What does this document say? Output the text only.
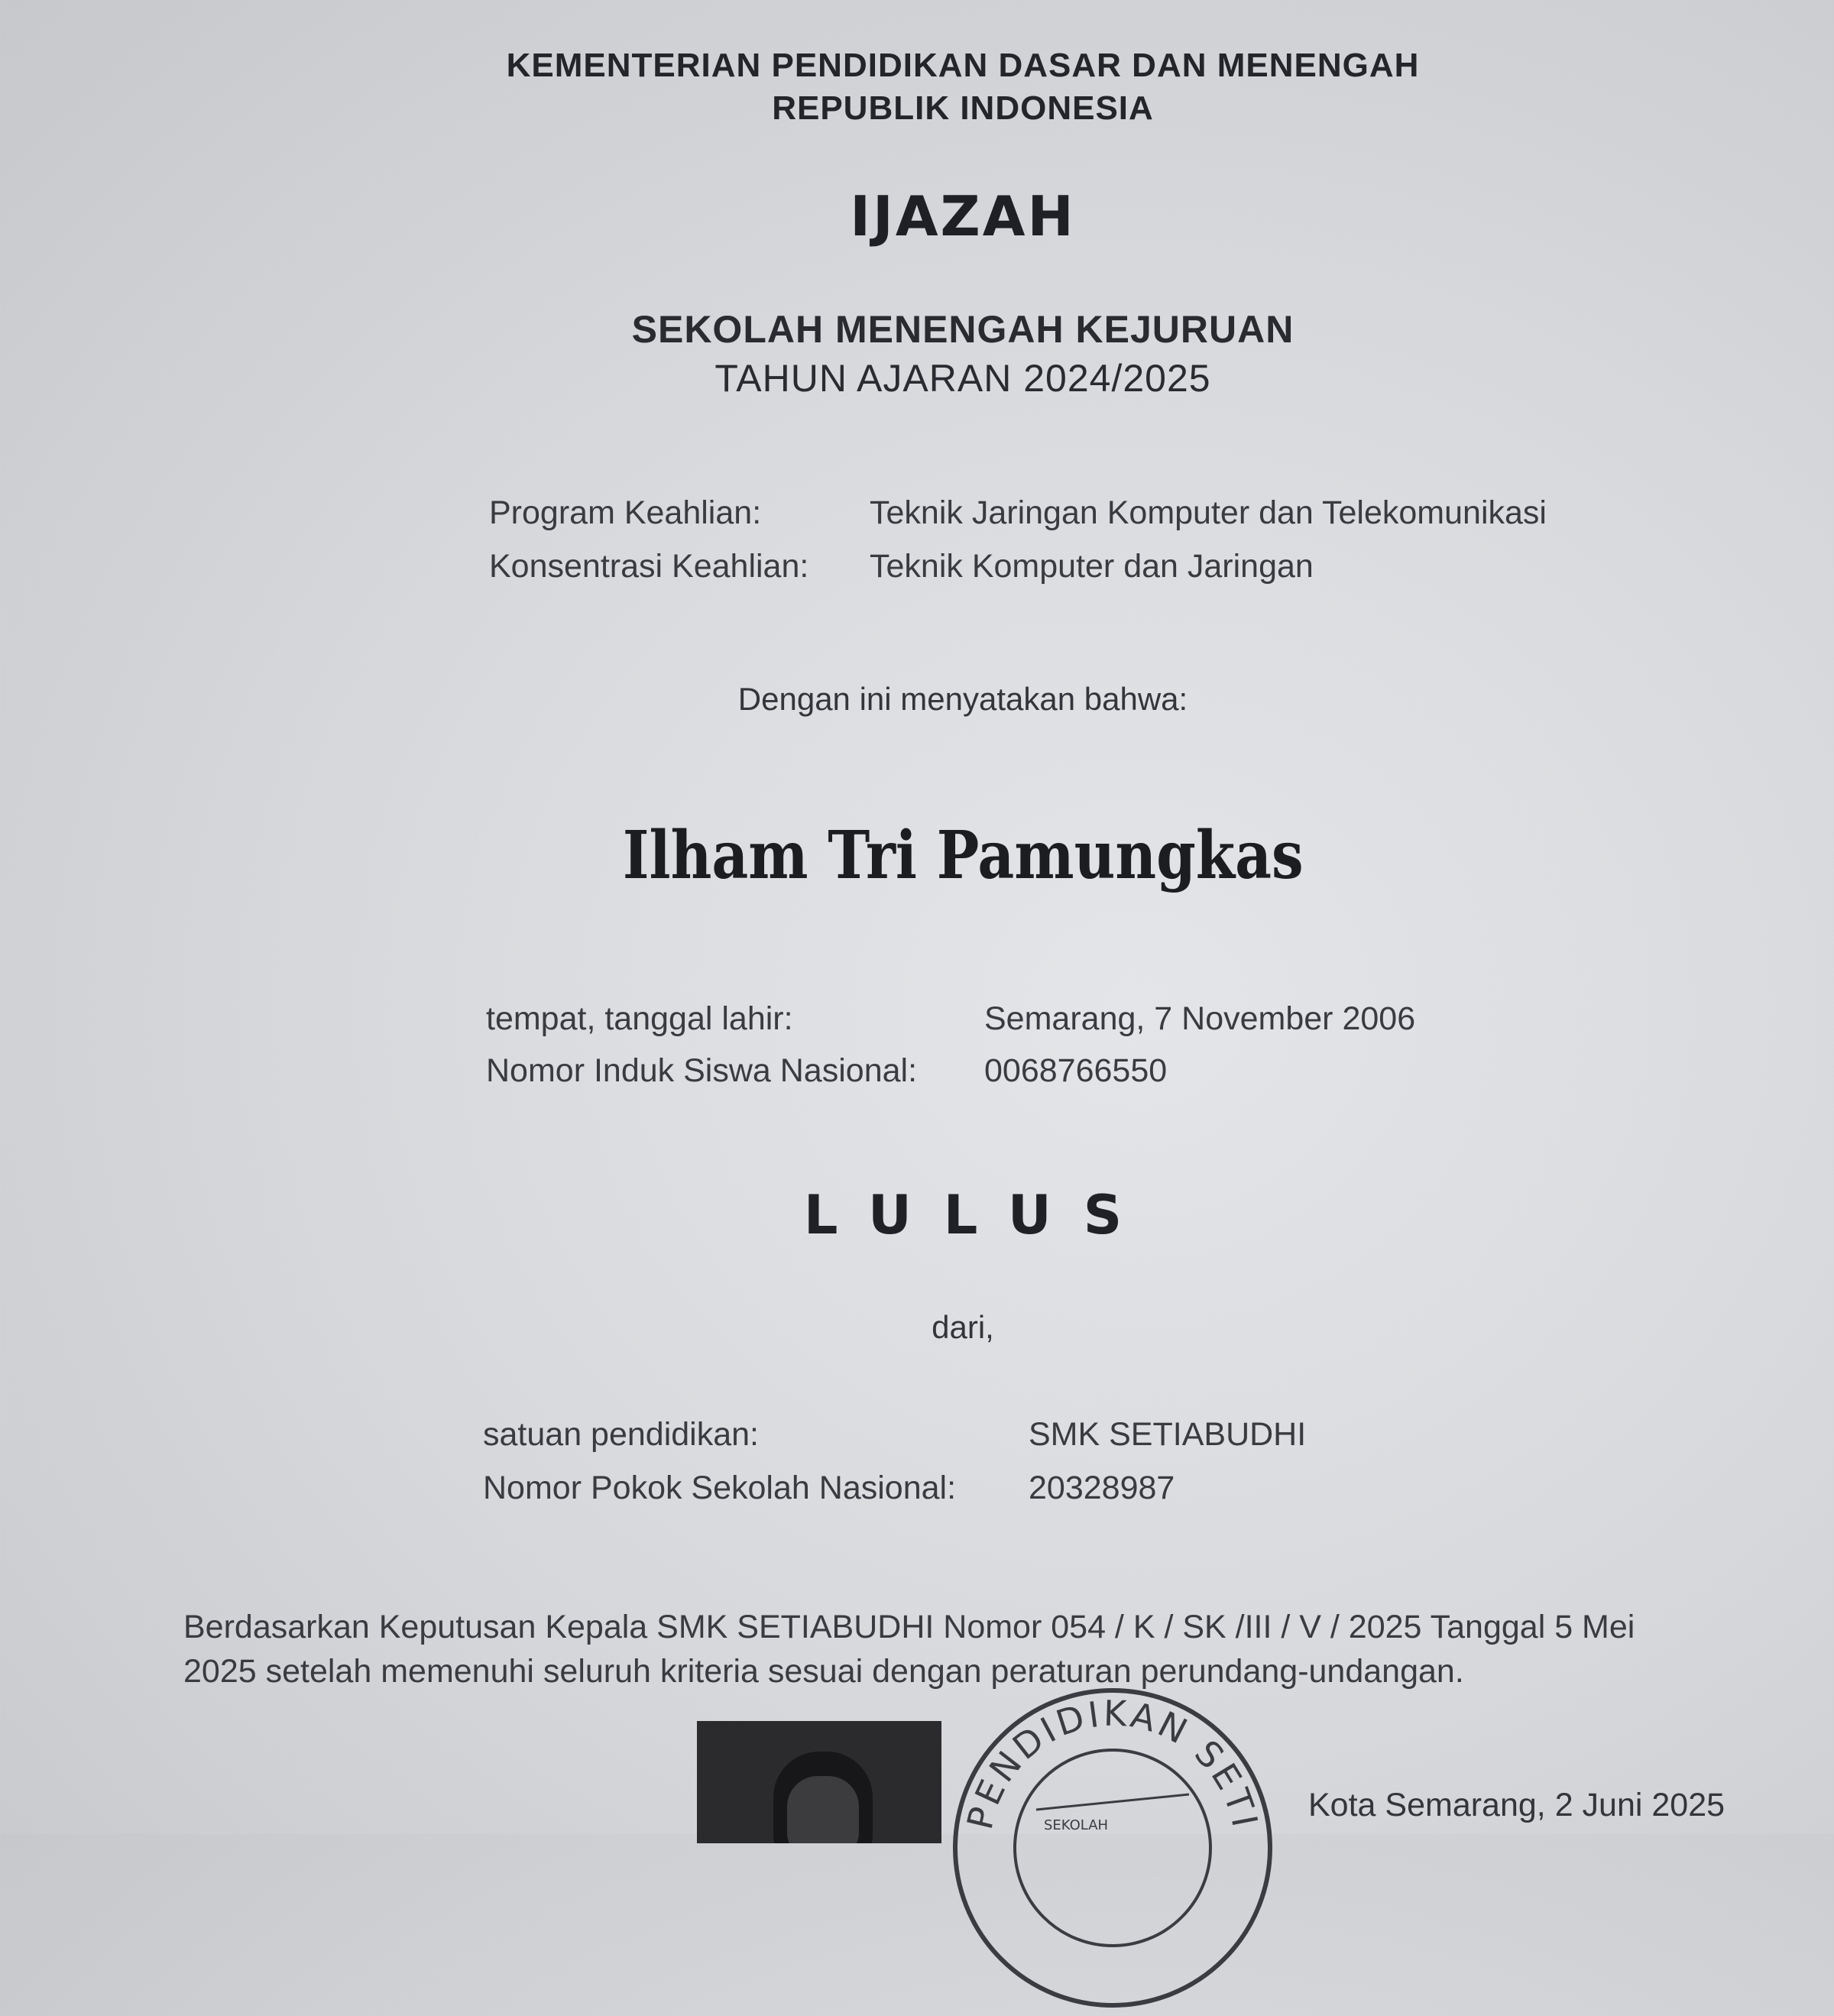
KEMENTERIAN PENDIDIKAN DASAR DAN MENENGAH
REPUBLIK INDONESIA
IJAZAH
SEKOLAH MENENGAH KEJURUAN
TAHUN AJARAN 2024/2025
Program Keahlian:	Teknik Jaringan Komputer dan Telekomunikasi
Konsentrasi Keahlian: Teknik Komputer dan Jaringan
Dengan ini menyatakan bahwa:
Ilham Tri Pamungkas
tempat, tanggal lahir:	Semarang, 7 November 2006
Nomor Induk Siswa Nasional: 0068766550
LULUS
dari,
satuan pendidikan:	SMK SETIABUDHI
Nomor Pokok Sekolah Nasional: 20328987
Berdasarkan Keputusan Kepala SMK SETIABUDHI Nomor 054 / K / SK /III / V / 2025 Tanggal 5 Mei
2025 setelah memenuhi seluruh kriteria sesuai dengan peraturan perundang-undangan.
PENDIDIKAN SETI
SEKOLAH
Kota Semarang, 2 Juni 2025
